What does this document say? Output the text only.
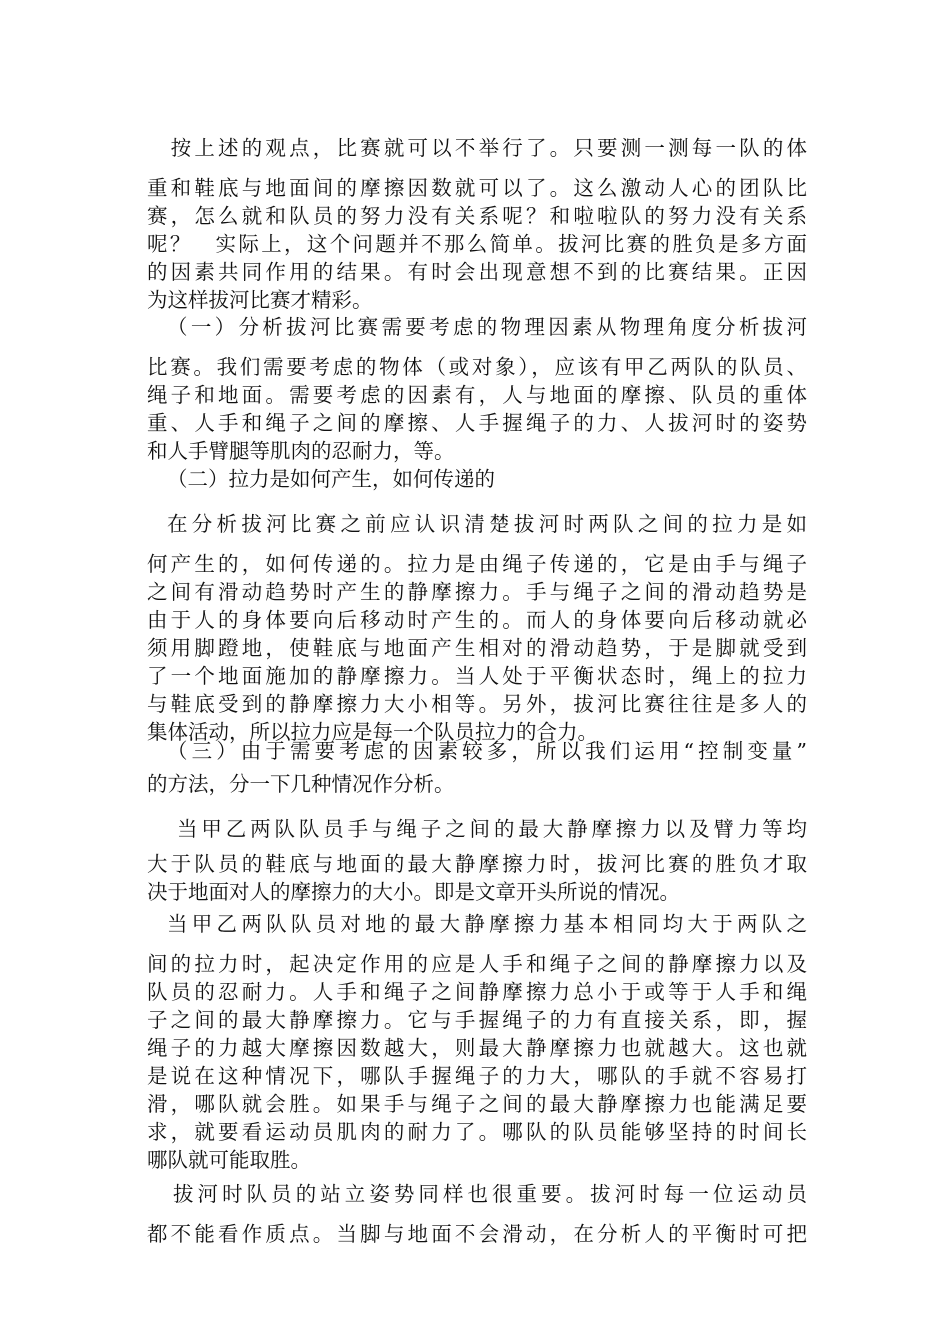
　按上述的观点，比赛就可以不举行了。只要测一测每一队的体
重和鞋底与地面间的摩擦因数就可以了。这么激动人心的团队比
赛，怎么就和队员的努力没有关系呢？和啦啦队的努力没有关系
呢？　实际上，这个问题并不那么简单。拔河比赛的胜负是多方面
的因素共同作用的结果。有时会出现意想不到的比赛结果。正因
为这样拔河比赛才精彩。
（一）分析拔河比赛需要考虑的物理因素从物理角度分析拔河
比赛。我们需要考虑的物体（或对象），应该有甲乙两队的队员、
绳子和地面。需要考虑的因素有，人与地面的摩擦、队员的重体
重、人手和绳子之间的摩擦、人手握绳子的力、人拔河时的姿势
和人手臂腿等肌肉的忍耐力，等。
（二）拉力是如何产生，如何传递的
在分析拔河比赛之前应认识清楚拔河时两队之间的拉力是如
何产生的，如何传递的。拉力是由绳子传递的，它是由手与绳子
之间有滑动趋势时产生的静摩擦力。手与绳子之间的滑动趋势是
由于人的身体要向后移动时产生的。而人的身体要向后移动就必
须用脚蹬地，使鞋底与地面产生相对的滑动趋势，于是脚就受到
了一个地面施加的静摩擦力。当人处于平衡状态时，绳上的拉力
与鞋底受到的静摩擦力大小相等。另外，拔河比赛往往是多人的
集体活动，所以拉力应是每一个队员拉力的合力。
（三）由于需要考虑的因素较多，所以我们运用“控制变量”
的方法，分一下几种情况作分析。
当甲乙两队队员手与绳子之间的最大静摩擦力以及臂力等均
大于队员的鞋底与地面的最大静摩擦力时，拔河比赛的胜负才取
决于地面对人的摩擦力的大小。即是文章开头所说的情况。
当甲乙两队队员对地的最大静摩擦力基本相同均大于两队之
间的拉力时，起决定作用的应是人手和绳子之间的静摩擦力以及
队员的忍耐力。人手和绳子之间静摩擦力总小于或等于人手和绳
子之间的最大静摩擦力。它与手握绳子的力有直接关系，即，握
绳子的力越大摩擦因数越大，则最大静摩擦力也就越大。这也就
是说在这种情况下，哪队手握绳子的力大，哪队的手就不容易打
滑，哪队就会胜。如果手与绳子之间的最大静摩擦力也能满足要
求，就要看运动员肌肉的耐力了。哪队的队员能够坚持的时间长
哪队就可能取胜。
拔河时队员的站立姿势同样也很重要。拔河时每一位运动员
都不能看作质点。当脚与地面不会滑动，在分析人的平衡时可把
